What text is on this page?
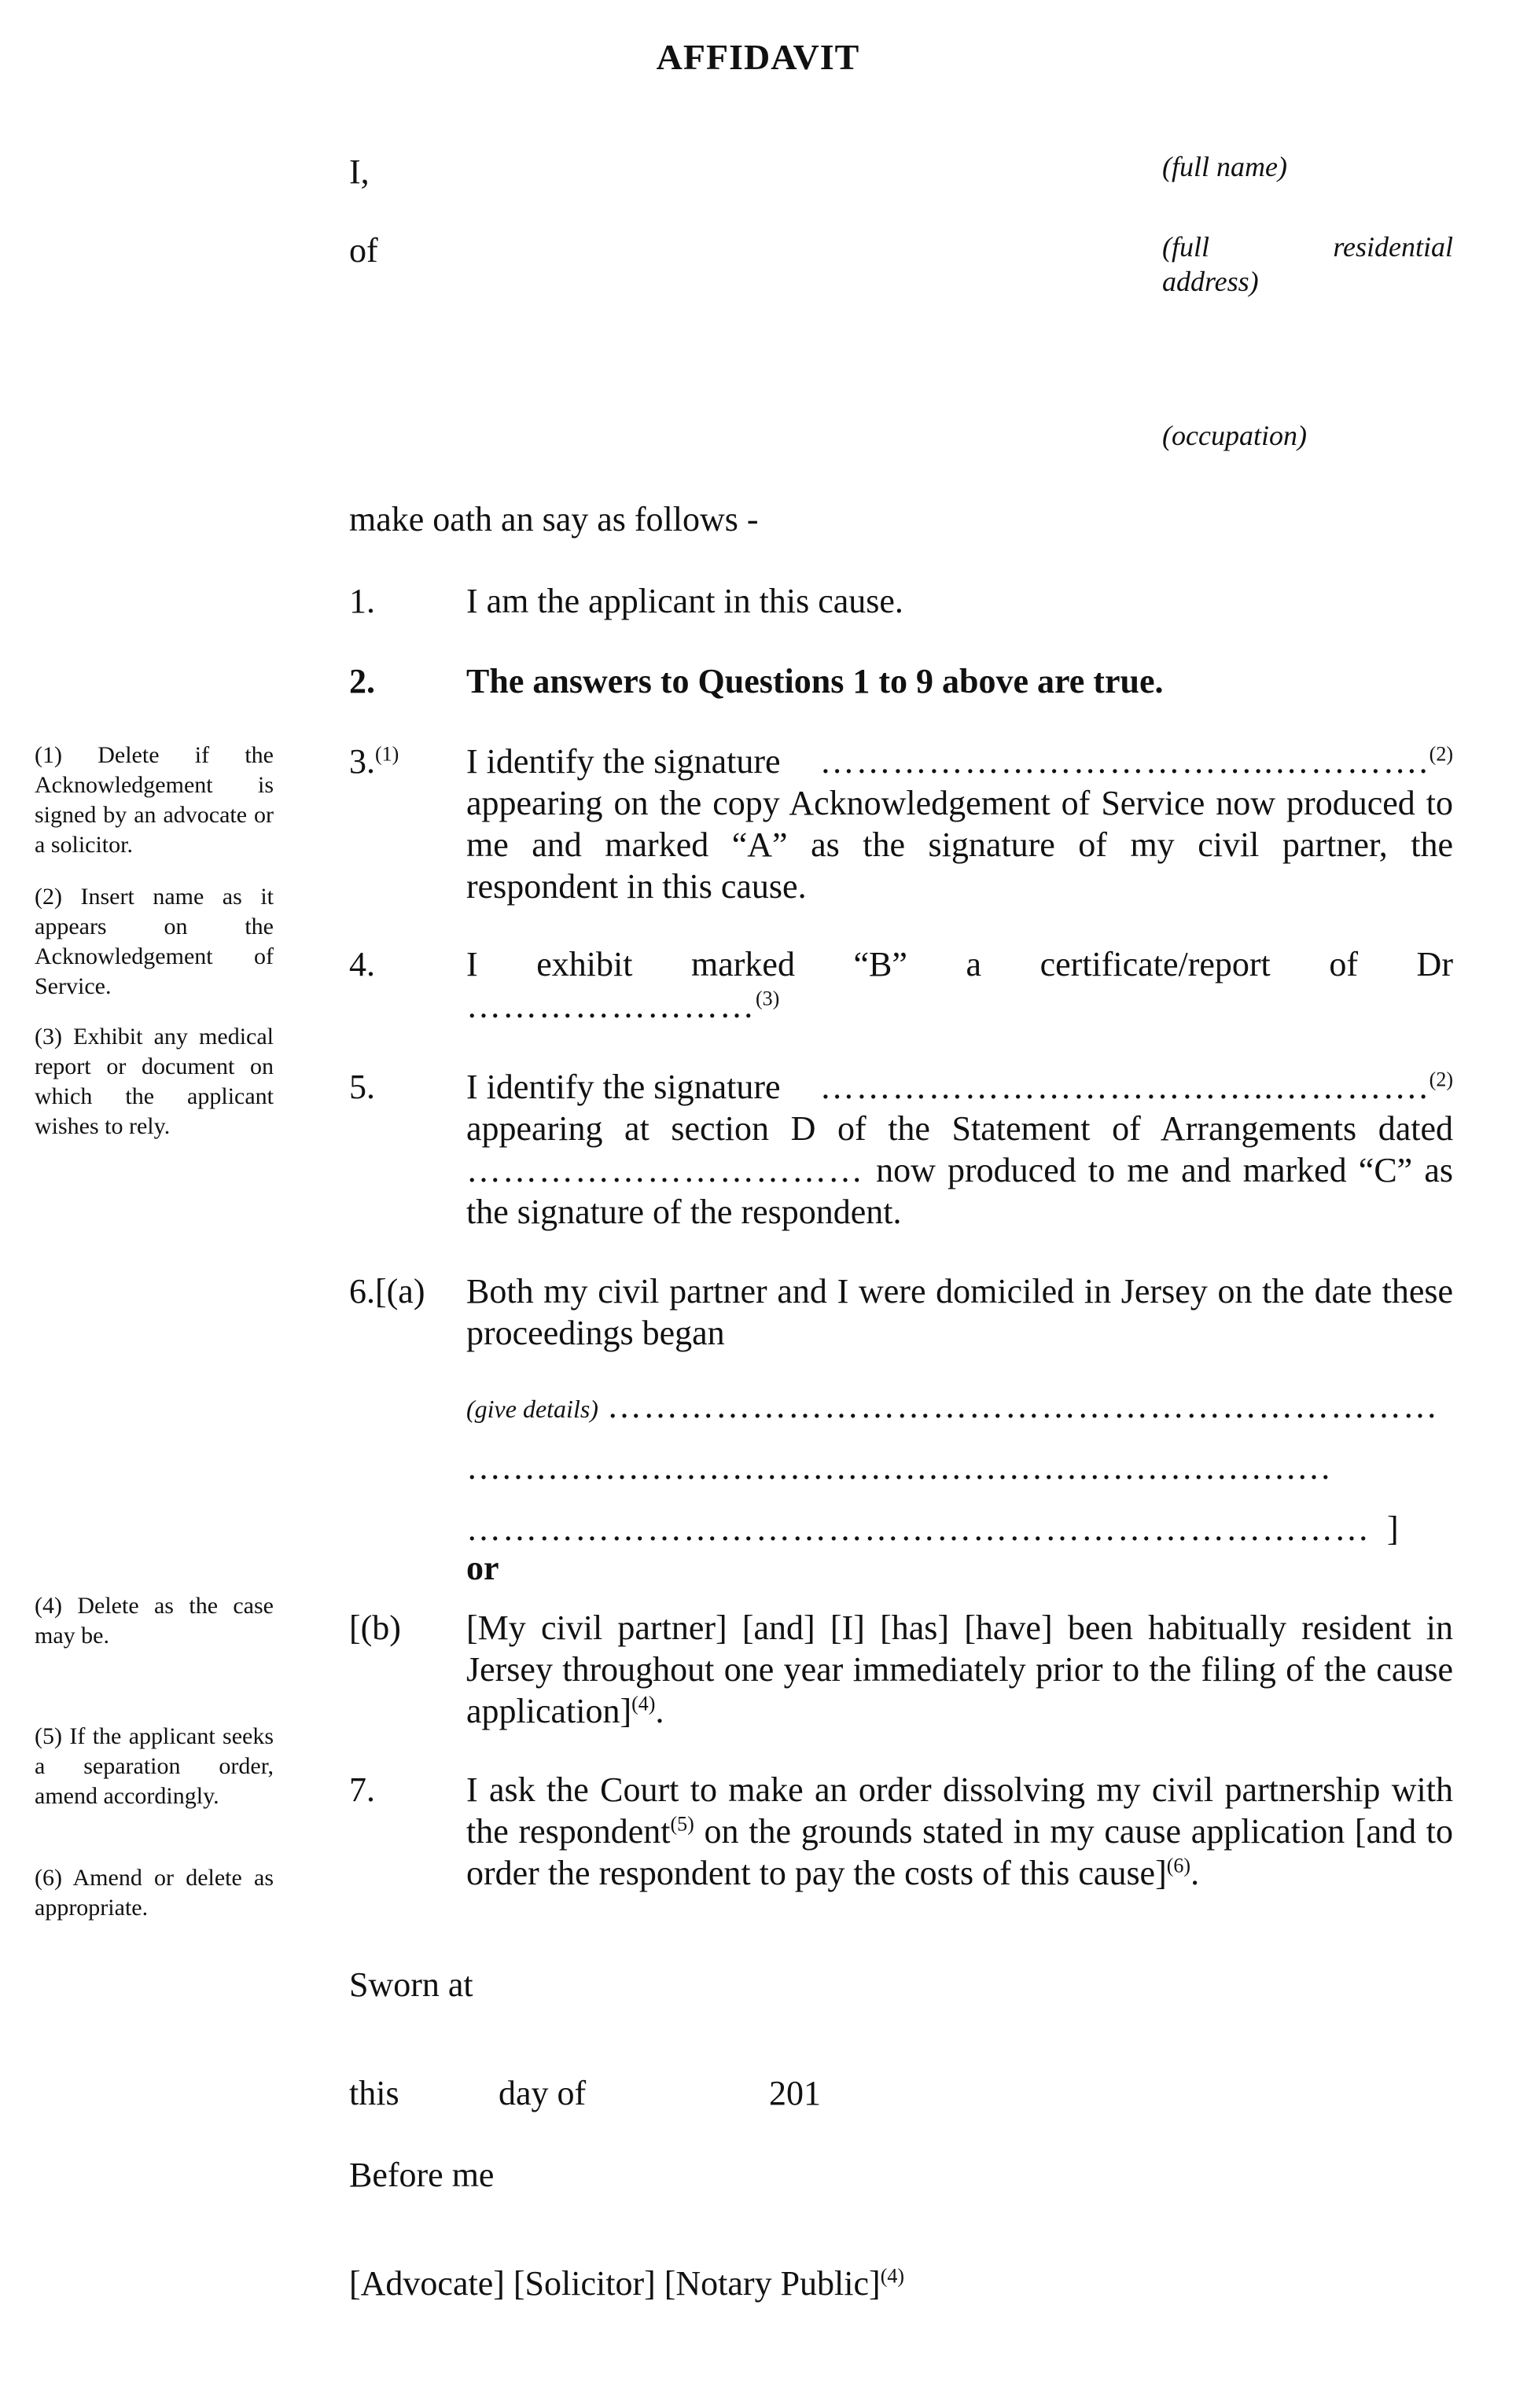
AFFIDAVIT
I,	(full name)
of	(full	residential
address)
(occupation)
make oath an say as follows -
(1) Delete if the Acknowledgement is signed by an advocate or a solicitor.
(2) Insert name as it appears on the Acknowledgement of Service.
(3) Exhibit any medical report or document on which the applicant wishes to rely.
(4) Delete as the case may be.
(5) If the applicant seeks a separation order, amend accordingly.
(6) Amend or delete as appropriate.
1.	I am the applicant in this cause.
2.	The answers to Questions 1 to 9 above are true.
3.$^{(1)}$ I identify the signature ………………………………..………….$^{(2)}$
appearing on the copy Acknowledgement of Service now produced to me and marked “A” as the signature of my civil partner, the respondent in this cause.
4.	I exhibit marked “B” a certificate/report of Dr
……………………$^{(3)}$
5.	I identify the signature ………………………………..………….$^{(2)}$
appearing at section D of the Statement of Arrangements dated
…………………………… now produced to me and marked “C” as the signature of the respondent.
6.[(a) Both my civil partner and I were domiciled in Jersey on the date these proceedings began
(give details) ……………………………………………………………
…………………………………………………………………
………………………………………………………………… ]
or
[(b) [My civil partner] [and] [I] [has] [have] been habitually resident in Jersey throughout one year immediately prior to the filing of the cause application]$^{(4)}$.
7.	I ask the Court to make an order dissolving my civil partnership with the respondent$^{(5)}$ on the grounds stated in my cause application [and to order the respondent to pay the costs of this cause]$^{(6)}$.
Sworn at
this	day of	201
Before me
[Advocate] [Solicitor] [Notary Public]$^{(4)}$
